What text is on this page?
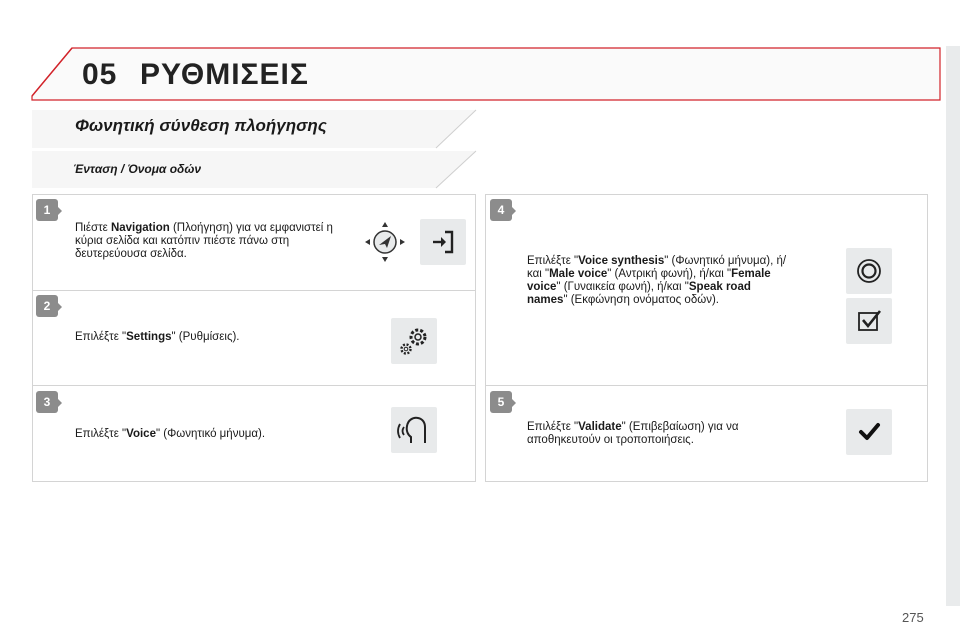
05 ΡΥΘΜΙΣΕΙΣ
Φωνητική σύνθεση πλοήγησης
Ένταση / Όνομα οδών
1
Πιέστε Navigation (Πλοήγηση) για να εμφανιστεί η κύρια σελίδα και κατόπιν πιέστε πάνω στη δευτερεύουσα σελίδα.
2
Επιλέξτε "Settings" (Ρυθμίσεις).
3
Επιλέξτε "Voice" (Φωνητικό μήνυμα).
4
Επιλέξτε "Voice synthesis" (Φωνητικό μήνυμα), ή/και "Male voice" (Αντρική φωνή), ή/και "Female voice" (Γυναικεία φωνή), ή/και "Speak road names" (Εκφώνηση ονόματος οδών).
5
Επιλέξτε "Validate" (Επιβεβαίωση) για να αποθηκευτούν οι τροποποιήσεις.
275
